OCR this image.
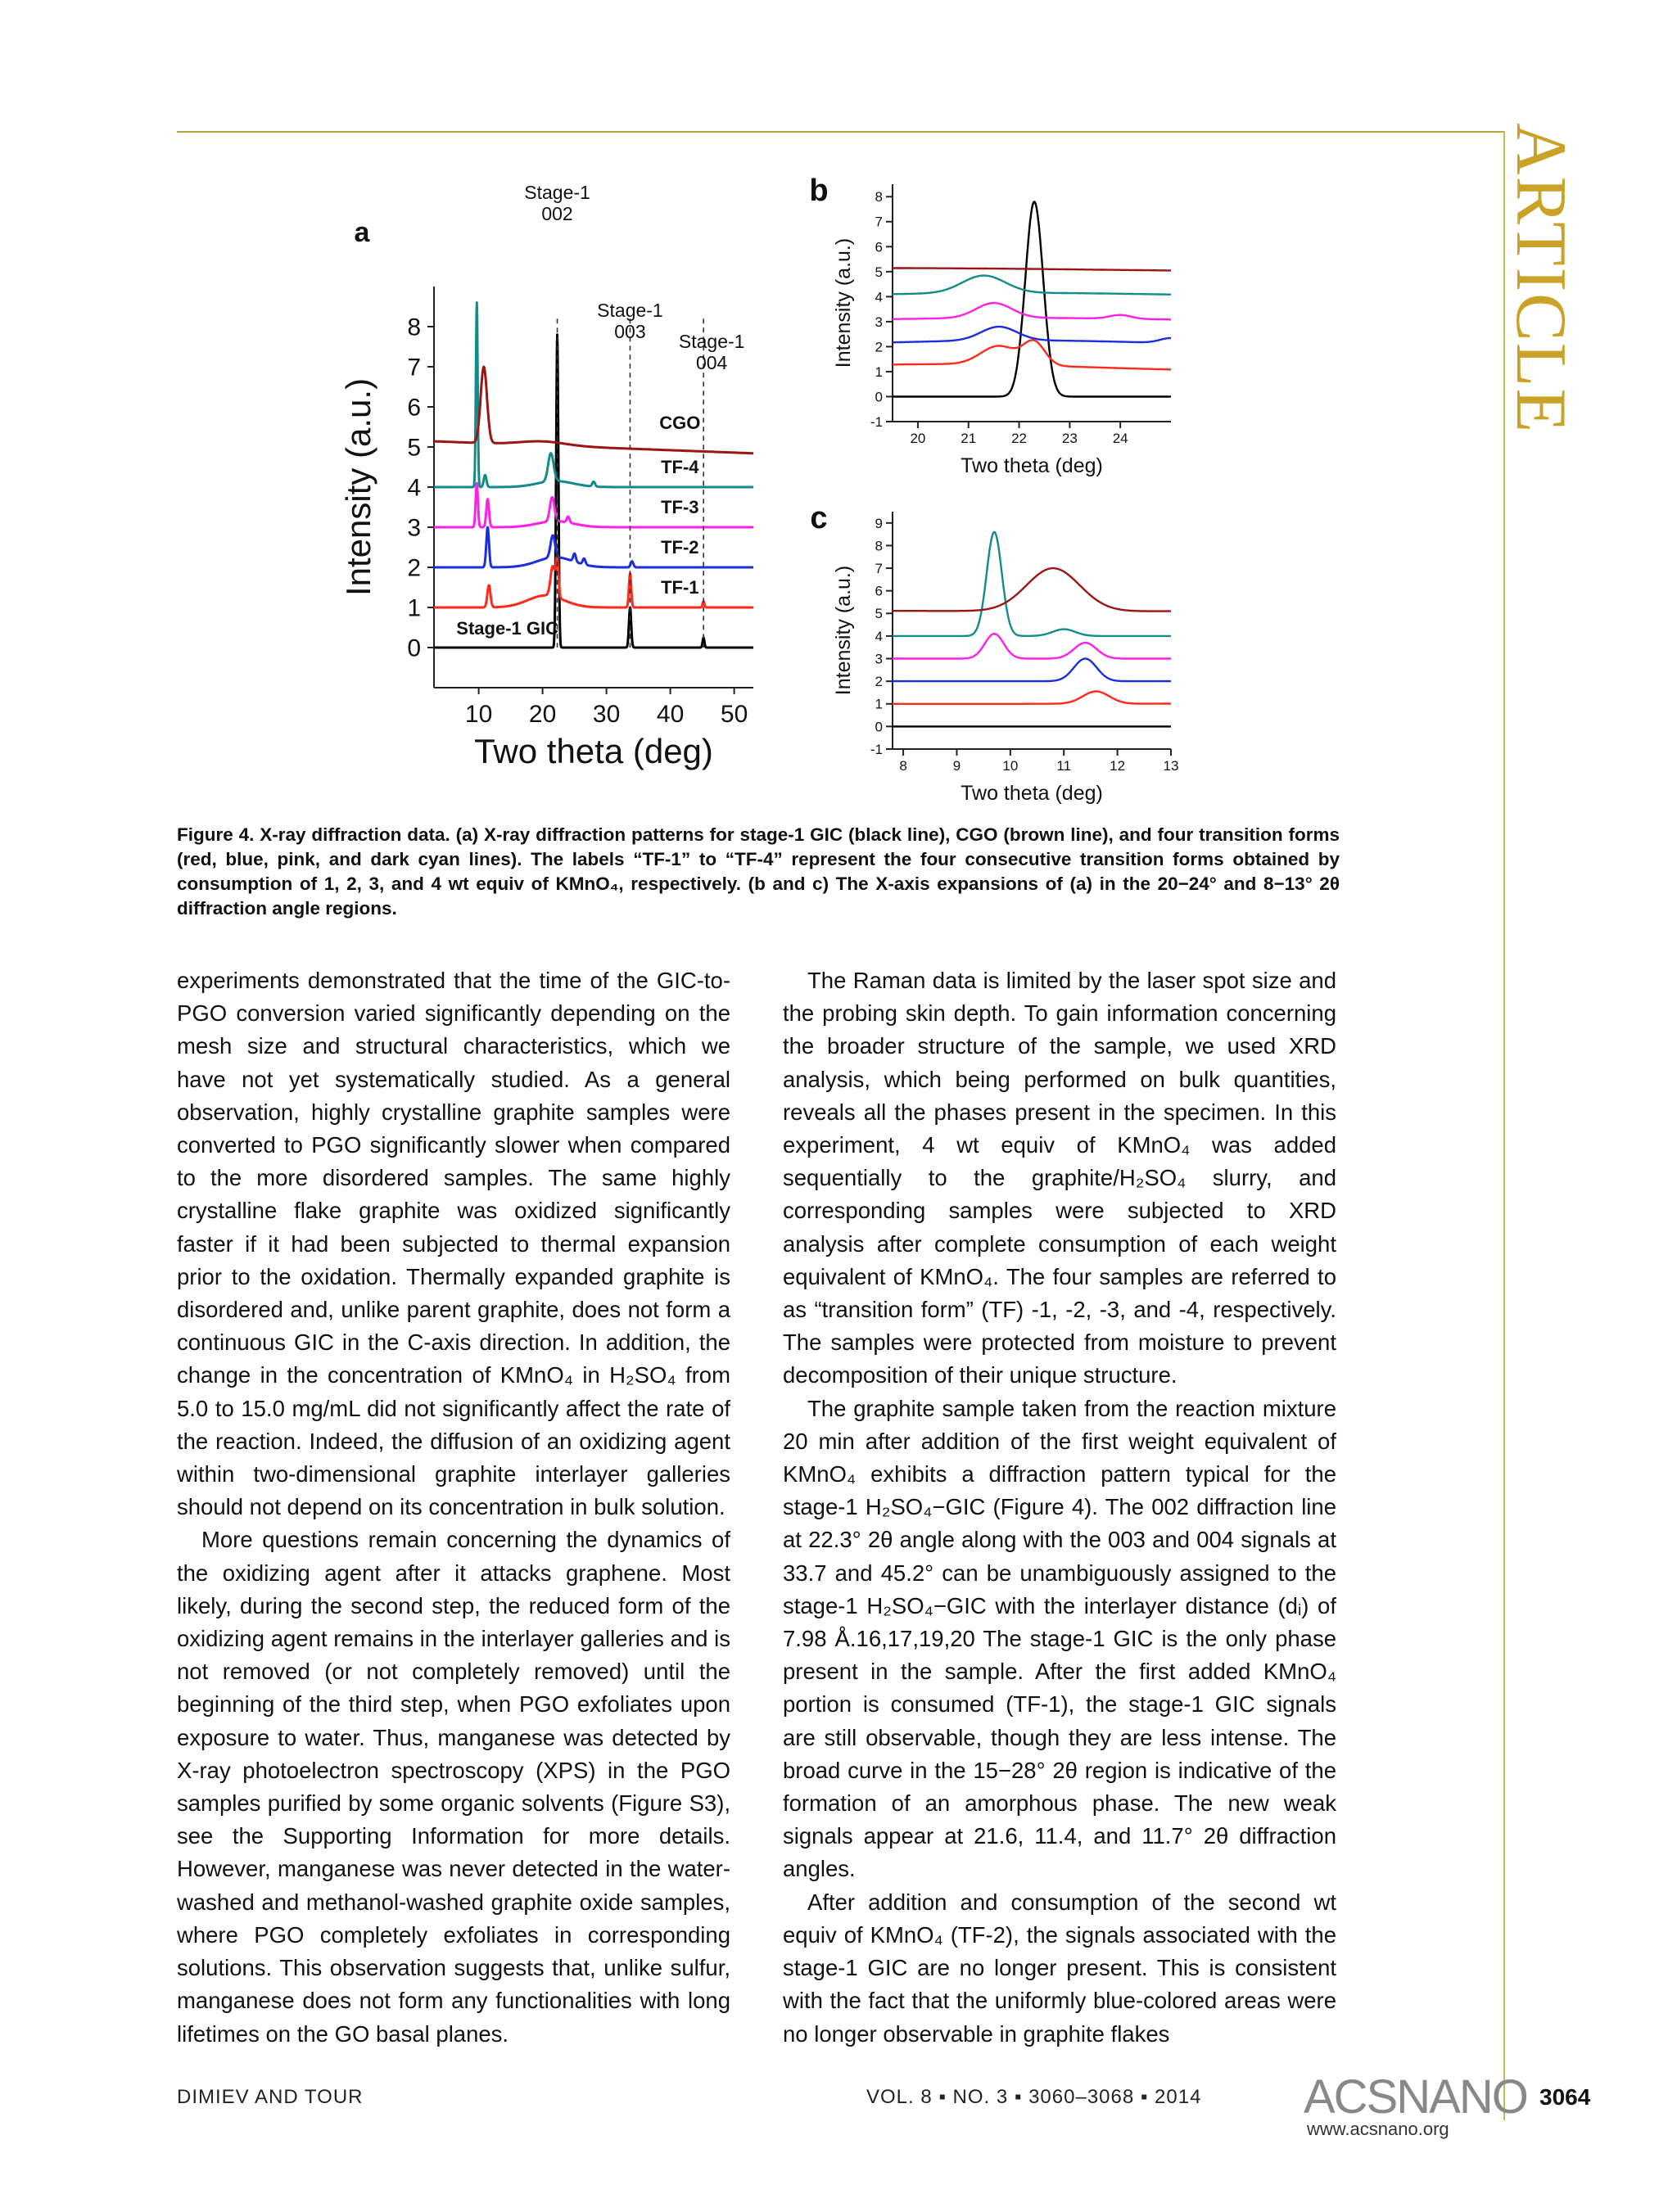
ARTICLE
10 20 30 40 50
0
1
2
3
4
5
6
7
8
Two theta (deg)
Intensity (a.u.)
a
Stage-1
002
Stage-1
003 Stage-1
004
Stage-1 GIC
TF-1
TF-2
TF-3
TF-4
CGO
20	21	22	23	24
-1
0
1
2
3
4
5
6
7
8
Two theta (deg)
Intensity (a.u.)
b
8	9	10	11	12	13
-1
0
1
2
3
4
5
6
7
8
9
Two theta (deg)
Intensity (a.u.)
c
Figure 4. X-ray diffraction data. (a) X-ray diffraction patterns for stage-1 GIC (black line), CGO (brown line), and four transition forms (red, blue, pink, and dark cyan lines). The labels “TF-1” to “TF-4” represent the four consecutive transition forms obtained by consumption of 1, 2, 3, and 4 wt equiv of KMnO₄, respectively. (b and c) The X-axis expansions of (a) in the 20−24° and 8−13° 2θ diffraction angle regions.

experiments demonstrated that the time of the GIC-to-PGO conversion varied significantly depending on the mesh size and structural characteristics, which we have not yet systematically studied. As a general observation, highly crystalline graphite samples were converted to PGO significantly slower when compared to the more disordered samples. The same highly crystalline flake graphite was oxidized significantly faster if it had been subjected to thermal expansion prior to the oxidation. Thermally expanded graphite is disordered and, unlike parent graphite, does not form a continuous GIC in the C-axis direction. In addition, the change in the concentration of KMnO₄ in H₂SO₄ from 5.0 to 15.0 mg/mL did not significantly affect the rate of the reaction. Indeed, the diffusion of an oxidizing agent within two-dimensional graphite interlayer galleries should not depend on its concentration in bulk solution.

More questions remain concerning the dynamics of the oxidizing agent after it attacks graphene. Most likely, during the second step, the reduced form of the oxidizing agent remains in the interlayer galleries and is not removed (or not completely removed) until the beginning of the third step, when PGO exfoliates upon exposure to water. Thus, manganese was detected by X-ray photoelectron spectroscopy (XPS) in the PGO samples purified by some organic solvents (Figure S3), see the Supporting Information for more details. However, manganese was never detected in the water-washed and methanol-washed graphite oxide samples, where PGO completely exfoliates in corresponding solutions. This observation suggests that, unlike sulfur, manganese does not form any functionalities with long lifetimes on the GO basal planes.

The Raman data is limited by the laser spot size and the probing skin depth. To gain information concerning the broader structure of the sample, we used XRD analysis, which being performed on bulk quantities, reveals all the phases present in the specimen. In this experiment, 4 wt equiv of KMnO₄ was added sequentially to the graphite/H₂SO₄ slurry, and corresponding samples were subjected to XRD analysis after complete consumption of each weight equivalent of KMnO₄. The four samples are referred to as “transition form” (TF) -1, -2, -3, and -4, respectively. The samples were protected from moisture to prevent decomposition of their unique structure.

The graphite sample taken from the reaction mixture 20 min after addition of the first weight equivalent of KMnO₄ exhibits a diffraction pattern typical for the stage-1 H₂SO₄−GIC (Figure 4). The 002 diffraction line at 22.3° 2θ angle along with the 003 and 004 signals at 33.7 and 45.2° can be unambiguously assigned to the stage-1 H₂SO₄−GIC with the interlayer distance (dᵢ) of 7.98 Å.16,17,19,20 The stage-1 GIC is the only phase present in the sample. After the first added KMnO₄ portion is consumed (TF-1), the stage-1 GIC signals are still observable, though they are less intense. The broad curve in the 15−28° 2θ region is indicative of the formation of an amorphous phase. The new weak signals appear at 21.6, 11.4, and 11.7° 2θ diffraction angles.

After addition and consumption of the second wt equiv of KMnO₄ (TF-2), the signals associated with the stage-1 GIC are no longer present. This is consistent with the fact that the uniformly blue-colored areas were no longer observable in graphite flakes

DIMIEV AND TOUR	VOL. 8 ▪ NO. 3 ▪ 3060–3068 ▪ 2014 ACSNANO 3064
www.acsnano.org
